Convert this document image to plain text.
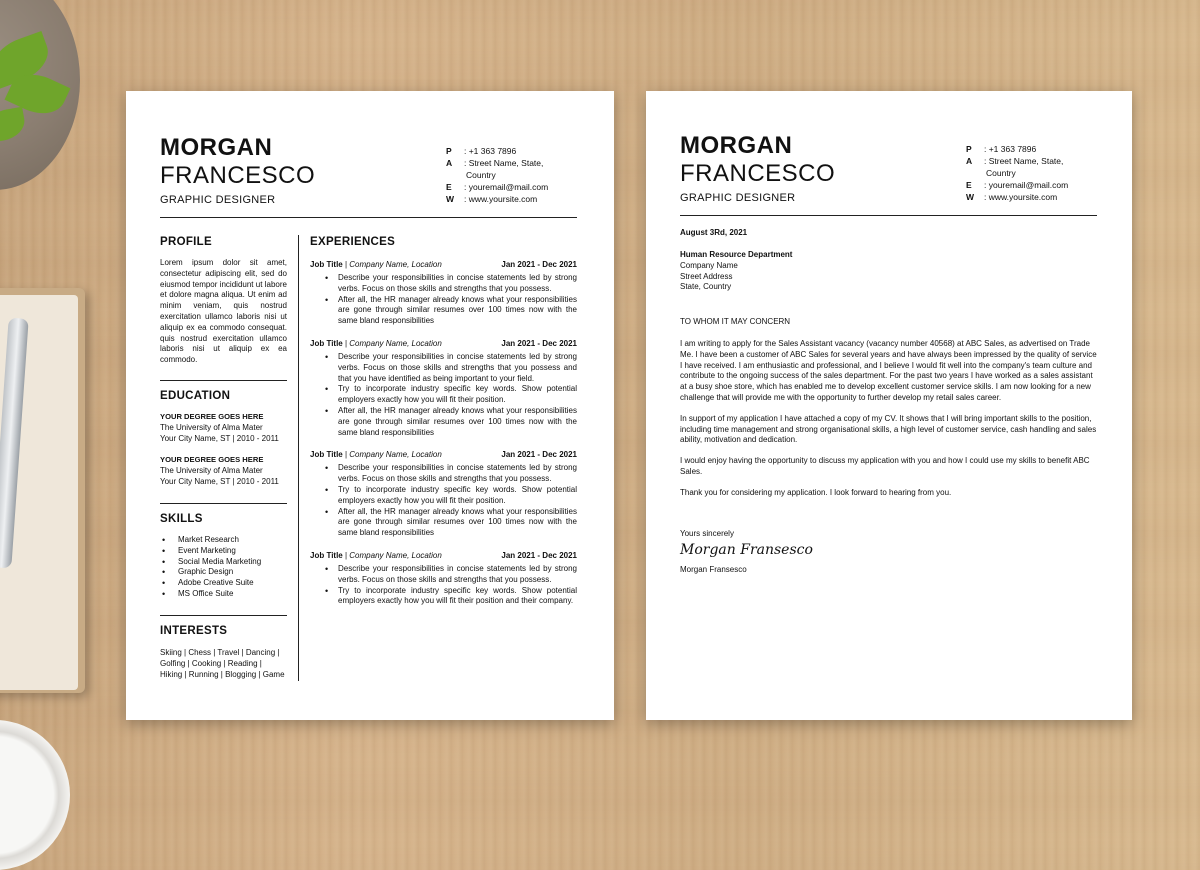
MORGAN
FRANCESCO
GRAPHIC DESIGNER
P	: +1 363 7896
A	: Street Name, State,
Country
E	: youremail@mail.com
W	: www.yoursite.com
PROFILE
Lorem ipsum dolor sit amet, consectetur adipiscing elit, sed do eiusmod tempor incididunt ut labore et dolore magna aliqua. Ut enim ad minim veniam, quis nostrud exercitation ullamco laboris nisi ut aliquip ex ea commodo consequat. quis nostrud exercitation ullamco laboris nisi ut aliquip ex ea commodo.
EDUCATION
YOUR DEGREE GOES HERE
The University of Alma Mater
Your City Name, ST | 2010 - 2011
YOUR DEGREE GOES HERE
The University of Alma Mater
Your City Name, ST | 2010 - 2011
SKILLS
• Market Research
• Event Marketing
• Social Media Marketing
• Graphic Design
• Adobe Creative Suite
• MS Office Suite
INTERESTS
Skiing | Chess | Travel | Dancing |
Golfing | Cooking | Reading |
Hiking | Running | Blogging | Game
EXPERIENCES
Job Title | Company Name, Location	Jan 2021 - Dec 2021
• Describe your responsibilities in concise statements led by strong verbs. Focus on those skills and strengths that you possess.
• After all, the HR manager already knows what your responsibilities are gone through similar resumes over 100 times now with the same bland responsibilities
Job Title | Company Name, Location	Jan 2021 - Dec 2021
• Describe your responsibilities in concise statements led by strong verbs. Focus on those skills and strengths that you possess and that you have identified as being important to your field.
• Try to incorporate industry specific key words. Show potential employers exactly how you will fit their position.
• After all, the HR manager already knows what your responsibilities are gone through similar resumes over 100 times now with the same bland responsibilities
Job Title | Company Name, Location	Jan 2021 - Dec 2021
• Describe your responsibilities in concise statements led by strong verbs. Focus on those skills and strengths that you possess.
• Try to incorporate industry specific key words. Show potential employers exactly how you will fit their position.
• After all, the HR manager already knows what your responsibilities are gone through similar resumes over 100 times now with the same bland responsibilities
Job Title | Company Name, Location	Jan 2021 - Dec 2021
• Describe your responsibilities in concise statements led by strong verbs. Focus on those skills and strengths that you possess.
• Try to incorporate industry specific key words. Show potential employers exactly how you will fit their position and their company.
MORGAN
FRANCESCO
GRAPHIC DESIGNER
P	: +1 363 7896
A	: Street Name, State,
Country
E	: youremail@mail.com
W	: www.yoursite.com
August 3Rd, 2021
Human Resource Department
Company Name
Street Address
State, Country
TO WHOM IT MAY CONCERN

I am writing to apply for the Sales Assistant vacancy (vacancy number 40568) at ABC Sales, as advertised on Trade Me. I have been a customer of ABC Sales for several years and have always been impressed by the quality of service I have received. I am enthusiastic and professional, and I believe I would fit well into the company's team culture and contribute to the ongoing success of the sales department. For the past two years I have worked as a sales assistant at a busy shoe store, which has enabled me to develop excellent customer service skills. I am now looking for a new challenge that will provide me with the opportunity to further develop my retail sales career.

In support of my application I have attached a copy of my CV. It shows that I will bring important skills to the position, including time management and strong organisational skills, a high level of customer service, cash handling and sales ability, motivation and dedication.

I would enjoy having the opportunity to discuss my application with you and how I could use my skills to benefit ABC Sales.

Thank you for considering my application. I look forward to hearing from you.

Yours sincerely
Morgan Fransesco
Morgan Fransesco
